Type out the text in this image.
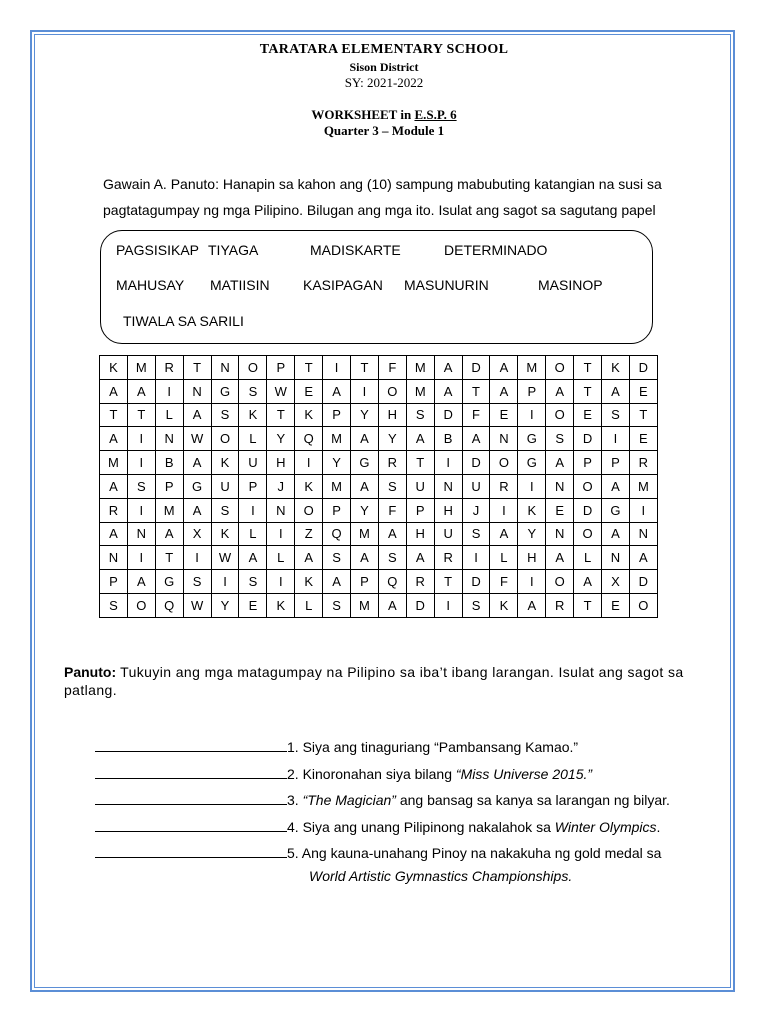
TARATARA ELEMENTARY SCHOOL
Sison District
SY: 2021-2022
WORKSHEET in E.S.P. 6
Quarter 3 – Module 1
Gawain A. Panuto: Hanapin sa kahon ang (10) sampung mabubuting katangian na susi sa
pagtatagumpay ng mga Pilipino. Bilugan ang mga ito. Isulat ang sagot sa sagutang papel
PAGSISIKAP TIYAGA	MADISKARTE	DETERMINADO
MAHUSAY MATIISIN KASIPAGAN MASUNURIN	MASINOP
TIWALA SA SARILI
K	M	R	T	N	O	P	T	I	T	F	M	A	D	A	M	O	T	K	D
A	A	I	N	G	S	W	E	A	I	O	M	A	T	A	P	A	T	A	E
T	T	L	A	S	K	T	K	P	Y	H	S	D	F	E	I	O	E	S	T
A	I	N	W	O	L	Y	Q	M	A	Y	A	B	A	N	G	S	D	I	E
M	I	B	A	K	U	H	I	Y	G	R	T	I	D	O	G	A	P	P	R
A	S	P	G	U	P	J	K	M	A	S	U	N	U	R	I	N	O	A	M
R	I	M	A	S	I	N	O	P	Y	F	P	H	J	I	K	E	D	G	I
A	N	A	X	K	L	I	Z	Q	M	A	H	U	S	A	Y	N	O	A	N
N	I	T	I	W	A	L	A	S	A	S	A	R	I	L	H	A	L	N	A
P	A	G	S	I	S	I	K	A	P	Q	R	T	D	F	I	O	A	X	D
S	O	Q	W	Y	E	K	L	S	M	A	D	I	S	K	A	R	T	E	O
Panuto: Tukuyin ang mga matagumpay na Pilipino sa iba’t ibang larangan. Isulat ang sagot sa patlang.
1. Siya ang tinaguriang “Pambansang Kamao.”
2. Kinoronahan siya bilang “Miss Universe 2015.”
3. “The Magician” ang bansag sa kanya sa larangan ng bilyar.
4. Siya ang unang Pilipinong nakalahok sa Winter Olympics.
5. Ang kauna-unahang Pinoy na nakakuha ng gold medal sa
World Artistic Gymnastics Championships.
